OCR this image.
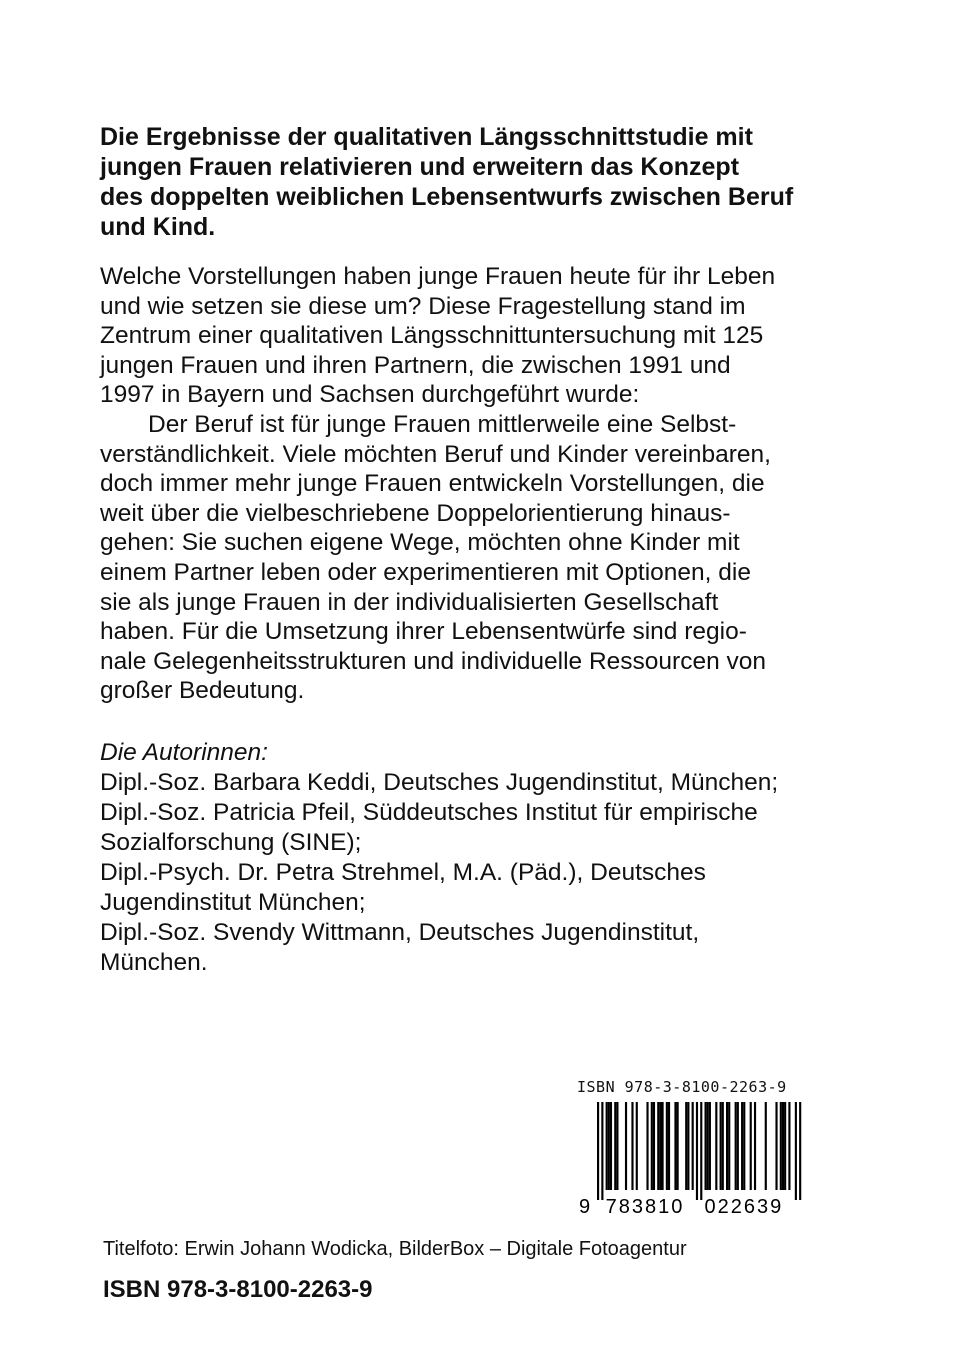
Die Ergebnisse der qualitativen Längsschnittstudie mit
jungen Frauen relativieren und erweitern das Konzept
des doppelten weiblichen Lebensentwurfs zwischen Beruf
und Kind.
Welche Vorstellungen haben junge Frauen heute für ihr Leben
und wie setzen sie diese um? Diese Fragestellung stand im
Zentrum einer qualitativen Längsschnittuntersuchung mit 125
jungen Frauen und ihren Partnern, die zwischen 1991 und
1997 in Bayern und Sachsen durchgeführt wurde:
Der Beruf ist für junge Frauen mittlerweile eine Selbst-
verständlichkeit. Viele möchten Beruf und Kinder vereinbaren,
doch immer mehr junge Frauen entwickeln Vorstellungen, die
weit über die vielbeschriebene Doppelorientierung hinaus-
gehen: Sie suchen eigene Wege, möchten ohne Kinder mit
einem Partner leben oder experimentieren mit Optionen, die
sie als junge Frauen in der individualisierten Gesellschaft
haben. Für die Umsetzung ihrer Lebensentwürfe sind regio-
nale Gelegenheitsstrukturen und individuelle Ressourcen von
großer Bedeutung.
Die Autorinnen:
Dipl.-Soz. Barbara Keddi, Deutsches Jugendinstitut, München;
Dipl.-Soz. Patricia Pfeil, Süddeutsches Institut für empirische
Sozialforschung (SINE);
Dipl.-Psych. Dr. Petra Strehmel, M.A. (Päd.), Deutsches
Jugendinstitut München;
Dipl.-Soz. Svendy Wittmann, Deutsches Jugendinstitut,
München.
ISBN 978-3-8100-2263-9
9 783810 022639
Titelfoto: Erwin Johann Wodicka, BilderBox – Digitale Fotoagentur
ISBN 978-3-8100-2263-9
